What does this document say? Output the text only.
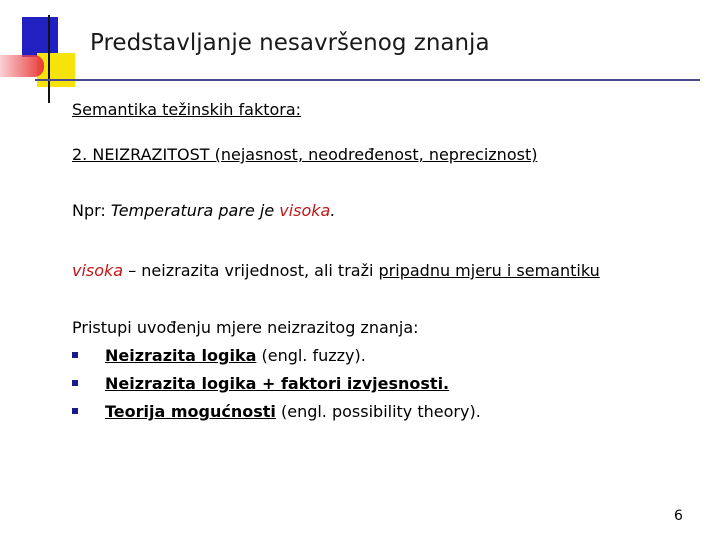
Predstavljanje nesavršenog znanja
Semantika težinskih faktora:
2. NEIZRAZITOST (nejasnost, neodređenost, nepreciznost)
Npr: Temperatura pare je visoka.
visoka – neizrazita vrijednost, ali traži pripadnu mjeru i semantiku
Pristupi uvođenju mjere neizrazitog znanja:
Neizrazita logika (engl. fuzzy).
Neizrazita logika + faktori izvjesnosti.
Teorija mogućnosti (engl. possibility theory).
6
